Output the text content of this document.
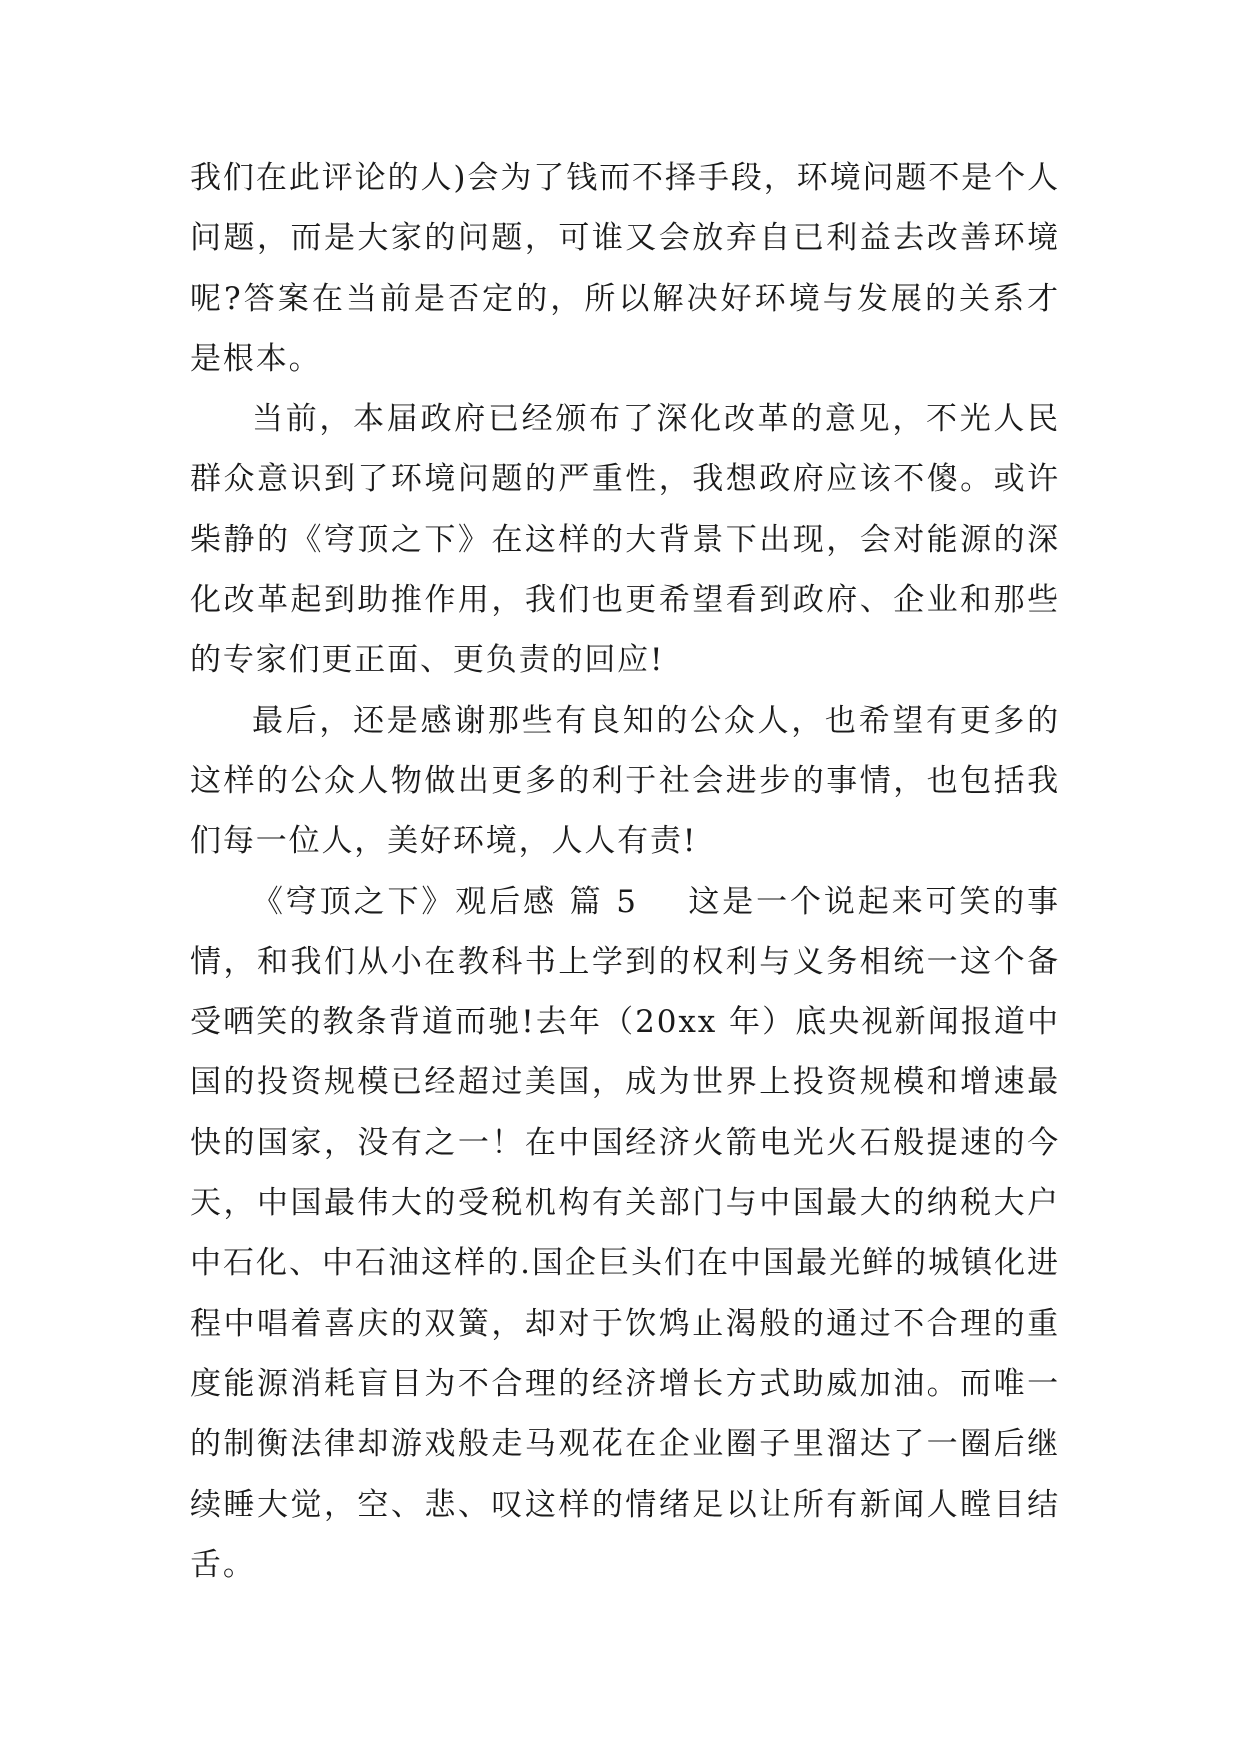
我们在此评论的人)会为了钱而不择手段，环境问题不是个人问题，而是大家的问题，可谁又会放弃自已利益去改善环境呢?答案在当前是否定的，所以解决好环境与发展的关系才是根本。

当前，本届政府已经颁布了深化改革的意见，不光人民群众意识到了环境问题的严重性，我想政府应该不傻。或许柴静的《穹顶之下》在这样的大背景下出现，会对能源的深化改革起到助推作用，我们也更希望看到政府、企业和那些的专家们更正面、更负责的回应!

最后，还是感谢那些有良知的公众人，也希望有更多的这样的公众人物做出更多的利于社会进步的事情，也包括我们每一位人，美好环境，人人有责!

《穹顶之下》观后感 篇 5 这是一个说起来可笑的事情，和我们从小在教科书上学到的权利与义务相统一这个备受哂笑的教条背道而驰!去年（20xx 年）底央视新闻报道中国的投资规模已经超过美国，成为世界上投资规模和增速最快的国家，没有之一！在中国经济火箭电光火石般提速的今天，中国最伟大的受税机构有关部门与中国最大的纳税大户中石化、中石油这样的.国企巨头们在中国最光鲜的城镇化进程中唱着喜庆的双簧，却对于饮鸩止渴般的通过不合理的重度能源消耗盲目为不合理的经济增长方式助威加油。而唯一的制衡法律却游戏般走马观花在企业圈子里溜达了一圈后继续睡大觉，空、悲、叹这样的情绪足以让所有新闻人瞠目结舌。
